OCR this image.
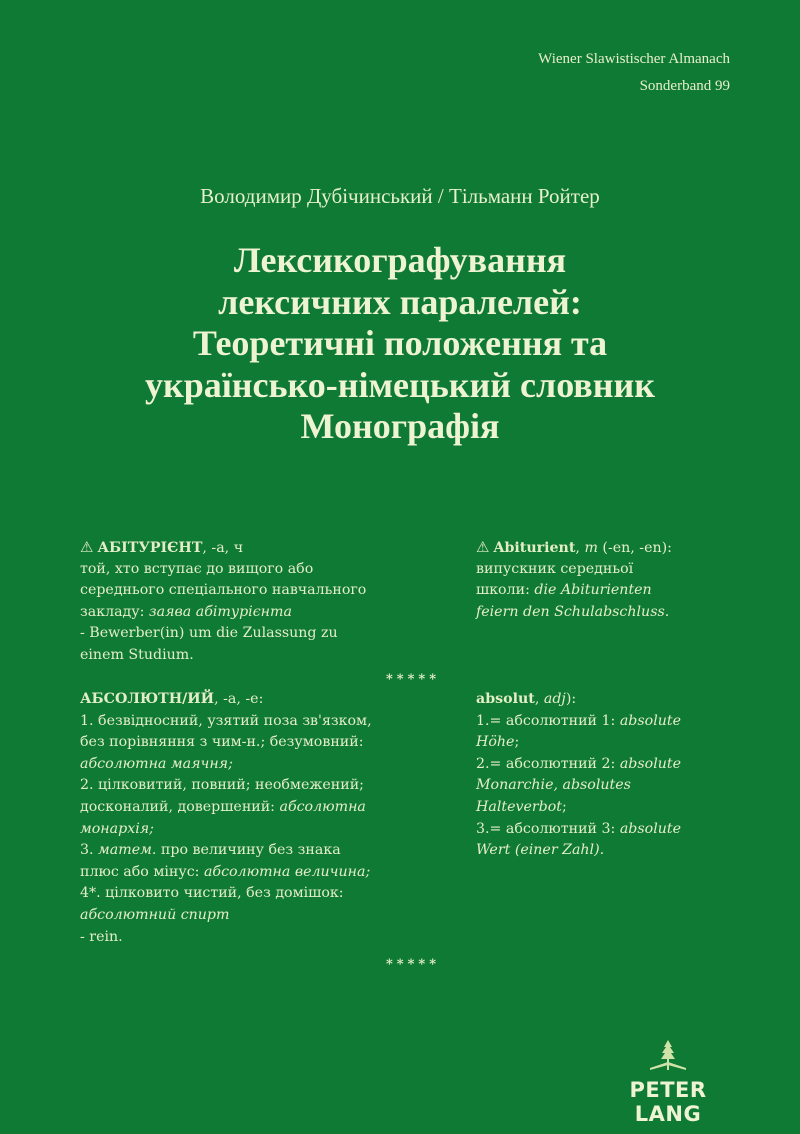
Wiener Slawistischer Almanach
Sonderband 99
Володимир Дубічинський / Тільманн Ройтер
Лексикографування
лексичних паралелей:
Теоретичні положення та
українсько-німецький словник
Монографія
⚠ АБІТУРІЄНТ, -а, ч
той, хто вступає до вищого або
середнього спеціального навчального
закладу: заява абітурієнта
- Bewerber(in) um die Zulassung zu
einem Studium.
*****
АБСОЛЮТН/ИЙ, -а, -е:
1. безвідносний, узятий поза зв'язком,
без порівняння з чим-н.; безумовний:
абсолютна маячня;
2. цілковитий, повний; необмежений;
досконалий, довершений: абсолютна
монархія;
3. матем. про величину без знака
плюс або мінус: абсолютна величина;
4*. цілковито чистий, без домішок:
абсолютний спирт
- rein.
*****
⚠ Abiturient, m (-en, -en):
випускник середньої
школи: die Abiturienten
feiern den Schulabschluss.
absolut, adj):
1.= абсолютний 1: absolute
Höhe;
2.= абсолютний 2: absolute
Monarchie, absolutes
Halteverbot;
3.= абсолютний 3: absolute
Wert (einer Zahl).
PETER LANG
